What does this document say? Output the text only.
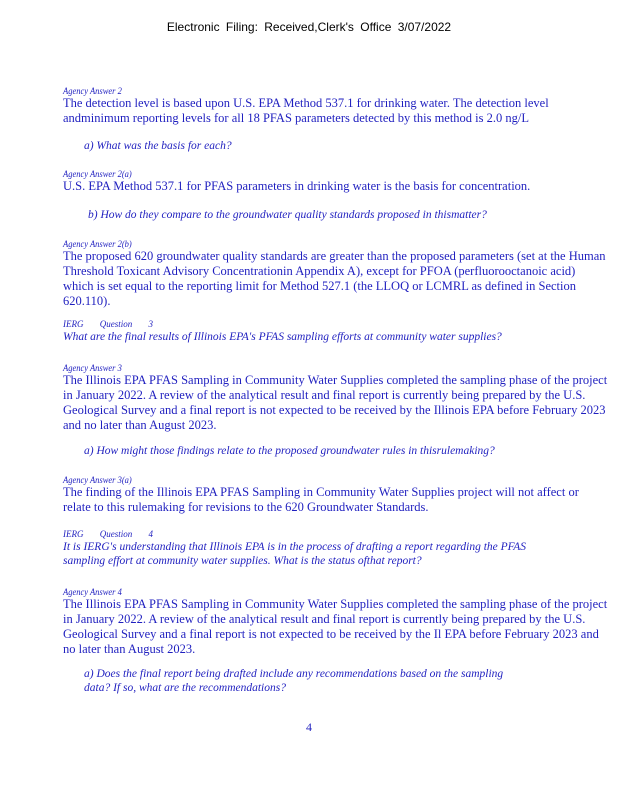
Electronic Filing: Received,Clerk's Office 3/07/2022
Agency Answer 2

The detection level is based upon U.S. EPA Method 537.1 for drinking water. The detection level andminimum reporting levels for all 18 PFAS parameters detected by this method is 2.0 ng/L

a) What was the basis for each?
Agency Answer 2(a)

U.S. EPA Method 537.1 for PFAS parameters in drinking water is the basis for concentration.

b) How do they compare to the groundwater quality standards proposed in thismatter?
Agency Answer 2(b)

The proposed 620 groundwater quality standards are greater than the proposed parameters (set at the Human Threshold Toxicant Advisory Concentrationin Appendix A), except for PFOA (perfluorooctanoic acid) which is set equal to the reporting limit for Method 527.1 (the LLOQ or LCMRL as defined in Section 620.110).

IERG Question 3
What are the final results of Illinois EPA's PFAS sampling efforts at community water supplies?
Agency Answer 3

The Illinois EPA PFAS Sampling in Community Water Supplies completed the sampling phase of the project in January 2022. A review of the analytical result and final report is currently being prepared by the U.S. Geological Survey and a final report is not expected to be received by the Illinois EPA before February 2023 and no later than August 2023.

a) How might those findings relate to the proposed groundwater rules in thisrulemaking?
Agency Answer 3(a)

The finding of the Illinois EPA PFAS Sampling in Community Water Supplies project will not affect or relate to this rulemaking for revisions to the 620 Groundwater Standards.

IERG Question 4
It is IERG's understanding that Illinois EPA is in the process of drafting a report regarding the PFAS sampling effort at community water supplies. What is the status ofthat report?
Agency Answer 4

The Illinois EPA PFAS Sampling in Community Water Supplies completed the sampling phase of the project in January 2022. A review of the analytical result and final report is currently being prepared by the U.S. Geological Survey and a final report is not expected to be received by the Il EPA before February 2023 and no later than August 2023.

a) Does the final report being drafted include any recommendations based on the sampling data? If so, what are the recommendations?
4
